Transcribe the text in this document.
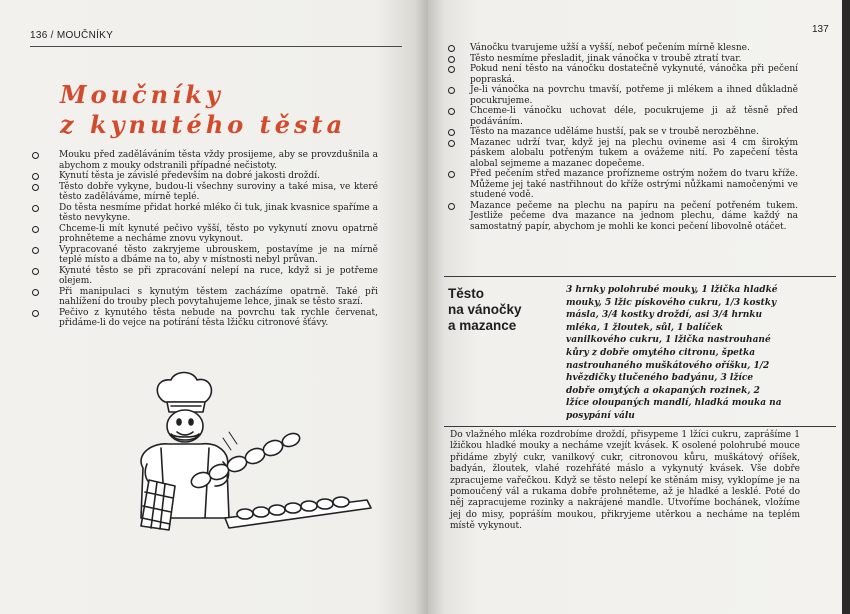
136 / MOUČNÍKY
Moučníky
z kynutého těsta
Mouku před zaděláváním těsta vždy prosijeme, aby se provzdušnila a abychom z mouky odstranili případné nečistoty.
Kynutí těsta je závislé především na dobré jakosti droždí.
Těsto dobře vykyne, budou-li všechny suroviny a také misa, ve které těsto zaděláváme, mírně teplé.
Do těsta nesmíme přidat horké mléko či tuk, jinak kvasnice spaříme a těsto nevykyne.
Chceme-li mít kynuté pečivo vyšší, těsto po vykynutí znovu opatrně prohněteme a necháme znovu vykynout.
Vypracované těsto zakryjeme ubrouskem, postavíme je na mírně teplé místo a dbáme na to, aby v místnosti nebyl průvan.
Kynuté těsto se při zpracování nelepí na ruce, když si je potřeme olejem.
Při manipulaci s kynutým těstem zacházíme opatrně. Také při nahlížení do trouby plech povytahujeme lehce, jinak se těsto srazí.
Pečivo z kynutého těsta nebude na povrchu tak rychle červenat, přidáme-li do vejce na potírání těsta lžičku citronové šťávy.
137
Vánočku tvarujeme užší a vyšší, neboť pečením mírně klesne.
Těsto nesmíme přesladit, jinak vánočka v troubě ztratí tvar.
Pokud není těsto na vánočku dostatečně vykynuté, vánočka při pečení popraská.
Je-li vánočka na povrchu tmavší, potřeme ji mlékem a ihned důkladně pocukrujeme.
Chceme-li vánočku uchovat déle, pocukrujeme ji až těsně před podáváním.
Těsto na mazance uděláme hustší, pak se v troubě nerozběhne.
Mazanec udrží tvar, když jej na plechu ovineme asi 4 cm širokým páskem alobalu potřeným tukem a ovážeme nití. Po zapečení těsta alobal sejmeme a mazanec dopečeme.
Před pečením střed mazance prořízneme ostrým nožem do tvaru kříže. Můžeme jej také nastřihnout do kříže ostrými nůžkami namočenými ve studené vodě.
Mazance pečeme na plechu na papíru na pečení potřeném tukem. Jestliže pečeme dva mazance na jednom plechu, dáme každý na samostatný papír, abychom je mohli ke konci pečení libovolně otáčet.
Těsto
na vánočky
a mazance

3 hrnky polohrubé mouky, 1 lžička hladké mouky, 5 lžic pískového cukru, 1/3 kostky másla, 3/4 kostky droždí, asi 3/4 hrnku mléka, 1 žloutek, sůl, 1 balíček vanilkového cukru, 1 lžička nastrouhané kůry z dobře omytého citronu, špetka nastrouhaného muškátového oříšku, 1/2 hvězdičky tlučeného badyánu, 3 lžíce dobře omytých a okapaných rozinek, 2 lžíce oloupaných mandlí, hladká mouka na posypání válu

Do vlažného mléka rozdrobíme droždí, přisypeme 1 lžíci cukru, zaprášíme 1 lžičkou hladké mouky a necháme vzejít kvásek. K osolené polohrubé mouce přidáme zbylý cukr, vanilkový cukr, citronovou kůru, muškátový oříšek, badyán, žloutek, vlahé rozehřáté máslo a vykynutý kvásek. Vše dobře zpracujeme vařečkou. Když se těsto nelepí ke stěnám misy, vyklopíme je na pomoučený vál a rukama dobře prohněteme, až je hladké a lesklé. Poté do něj zapracujeme rozinky a nakrájené mandle. Utvoříme bochánek, vložíme jej do misy, popráším moukou, přikryjeme utěrkou a necháme na teplém místě vykynout.
